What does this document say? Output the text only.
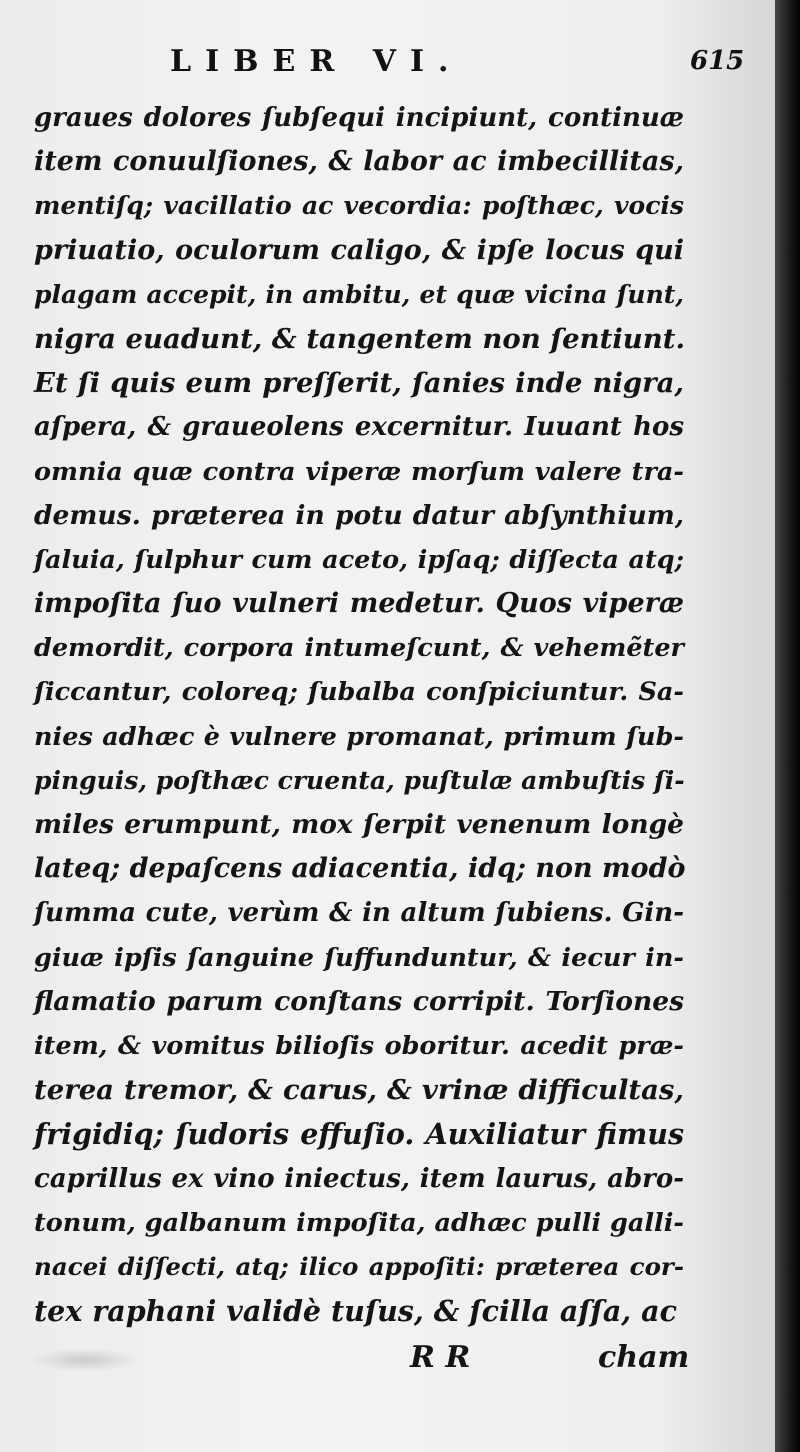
LIBER VI.	615
graues dolores ſubſequi incipiunt, continuæ
item conuulſiones, & labor ac imbecillitas,
mentiſq; vacillatio ac vecordia: poſthæc, vocis
priuatio, oculorum caligo, & ipſe locus qui
plagam accepit, in ambitu, et quæ vicina ſunt,
nigra euadunt, & tangentem non ſentiunt.
Et ſi quis eum preſſerit, ſanies inde nigra,
aſpera, & graueolens excernitur. Iuuant hos
omnia quæ contra viperæ morſum valere tra-
demus. præterea in potu datur abſynthium,
ſaluia, ſulphur cum aceto, ipſaq; diſſecta atq;
impoſita ſuo vulneri medetur. Quos viperæ
demordit, corpora intumeſcunt, & vehemẽter
ſiccantur, coloreq; ſubalba conſpiciuntur. Sa-
nies adhæc è vulnere promanat, primum ſub-
pinguis, poſthæc cruenta, puſtulæ ambuſtis ſi-
miles erumpunt, mox ſerpit venenum longè
lateq; depaſcens adiacentia, idq; non modò
ſumma cute, verùm & in altum ſubiens. Gin-
giuæ ipſis ſanguine ſuffunduntur, & iecur in-
flamatio parum conſtans corripit. Torſiones
item, & vomitus bilioſis oboritur. acedit præ-
terea tremor, & carus, & vrinæ difficultas,
frigidiq; ſudoris effuſio. Auxiliatur fimus
caprillus ex vino iniectus, item laurus, abro-
tonum, galbanum impoſita, adhæc pulli galli-
nacei diſſecti, atq; ilico appoſiti: præterea cor-
tex raphani validè tuſus, & ſcilla aſſa, ac
R R	cham
